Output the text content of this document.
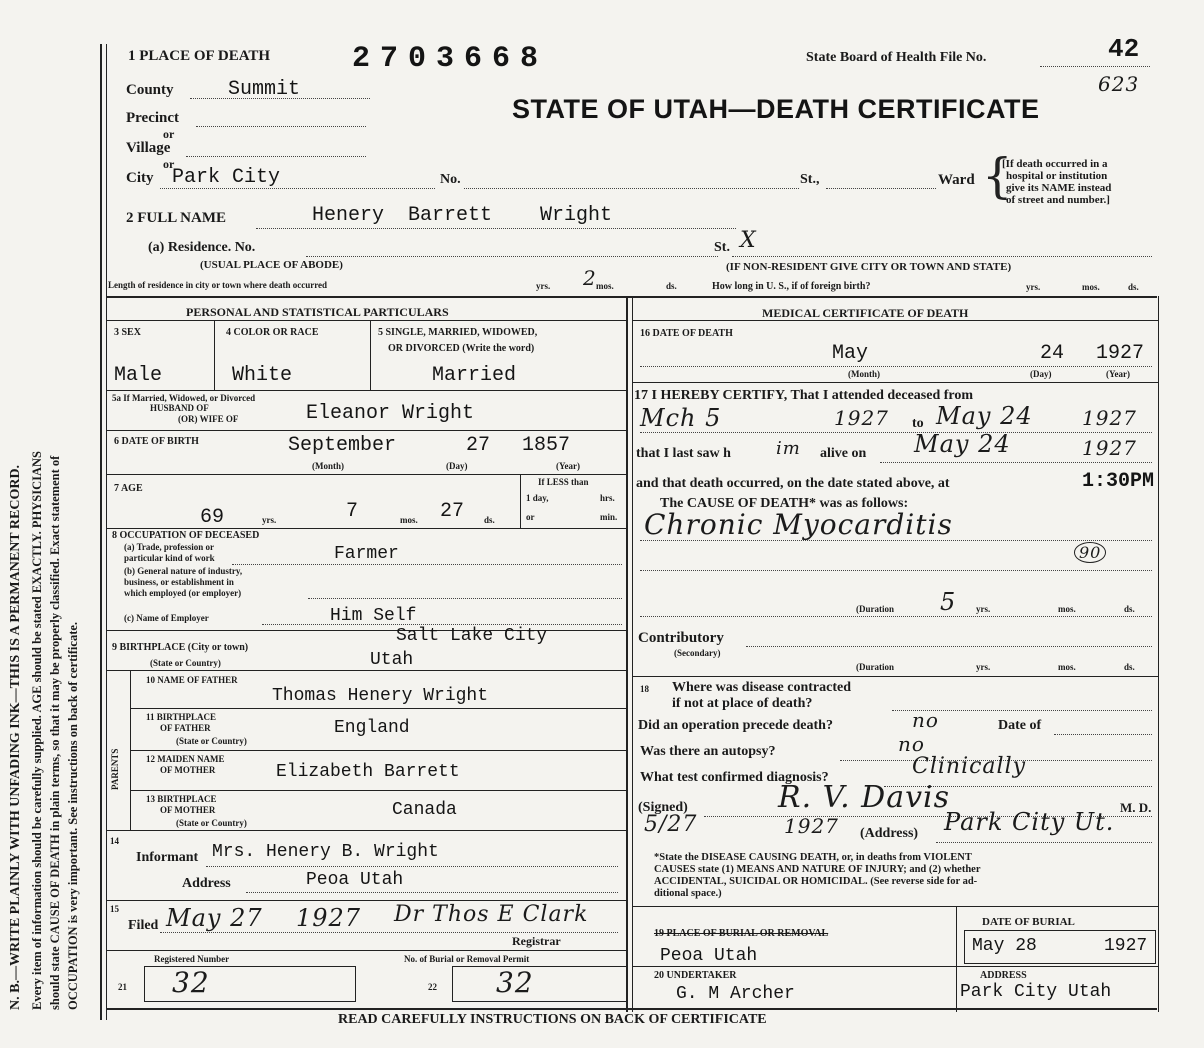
N. B.—WRITE PLAINLY WITH UNFADING INK—THIS IS A PERMANENT RECORD. Every item of information should be carefully supplied. AGE should be stated EXACTLY. PHYSICIANS should state CAUSE OF DEATH in plain terms, so that it may be properly classified. Exact statement of OCCUPATION is very important. See instructions on back of certificate.
1 PLACE OF DEATH	2703668	State Board of Health File No.	42
623
STATE OF UTAH—DEATH CERTIFICATE
County	Summit
Precinct
or
Village
or
City Park City	No.	St.,	Ward {
[If death occurred in a
hospital or institution
give its NAME instead
of street and number.]
2 FULL NAME	Henery  Barrett    Wright
(a) Residence. No.	St. X
(USUAL PLACE OF ABODE)	(IF NON-RESIDENT GIVE CITY OR TOWN AND STATE)
Length of residence in city or town where death occurred	yrs. 2 mos.	ds.	How long in U. S., if of foreign birth?	yrs.	mos.	ds.
PERSONAL AND STATISTICAL PARTICULARS
3 SEX	4 COLOR OR RACE	5 SINGLE, MARRIED, WIDOWED,
OR DIVORCED (Write the word)
Male	White	Married
5a If Married, Widowed, or Divorced
HUSBAND OF
(OR) WIFE OF	Eleanor Wright
6 DATE OF BIRTH	September	27 1857
(Month)	(Day)	(Year)
7 AGE
69	yrs.	7	mos. 27 ds.
If LESS than
1 day,	hrs.
or	min.
8 OCCUPATION OF DECEASED
(a) Trade, profession or
particular kind of work	Farmer
(b) General nature of industry,
business, or establishment in
which employed (or employer)
(c) Name of Employer	Him Self
9 BIRTHPLACE (City or town)
Salt Lake City
(State or Country)	Utah
PARENTS
10 NAME OF FATHER
Thomas Henery Wright
11 BIRTHPLACE
OF FATHER
(State or Country)
England
12 MAIDEN NAME
OF MOTHER	Elizabeth Barrett
13 BIRTHPLACE
OF MOTHER
(State or Country)
Canada
14
Informant Mrs. Henery B. Wright
Address	Peoa Utah
15
Filed May 27 1927 Dr Thos E Clark
Registrar
Registered Number	No. of Burial or Removal Permit
21 32	22 32
MEDICAL CERTIFICATE OF DEATH
16 DATE OF DEATH
May	24 1927
(Month)	(Day)	(Year)
17 I HEREBY CERTIFY, That I attended deceased from
Mch 5	1927 to May 24 1927
that I last saw h	im alive on May 24	1927
and that death occurred, on the date stated above, at	1:30PM
The CAUSE OF DEATH* was as follows:
Chronic Myocarditis
90
(Duration 5 yrs.	mos.	ds.
Contributory
(Secondary)
(Duration	yrs.	mos.	ds.
18 Where was disease contracted
if not at place of death?
Did an operation precede death?	no	Date of
Was there an autopsy?	no
What test confirmed diagnosis?	Clinically
(Signed)	R. V. Davis	M. D.
5/27	1927 (Address) Park City Ut.
*State the DISEASE CAUSING DEATH, or, in deaths from VIOLENT
CAUSES state (1) MEANS AND NATURE OF INJURY; and (2) whether
ACCIDENTAL, SUICIDAL OR HOMICIDAL. (See reverse side for ad-
ditional space.)
19 PLACE OF BURIAL OR REMOVAL
Peoa Utah
DATE OF BURIAL
May 28	1927
20 UNDERTAKER
G. M Archer
ADDRESS
Park City Utah
READ CAREFULLY INSTRUCTIONS ON BACK OF CERTIFICATE
